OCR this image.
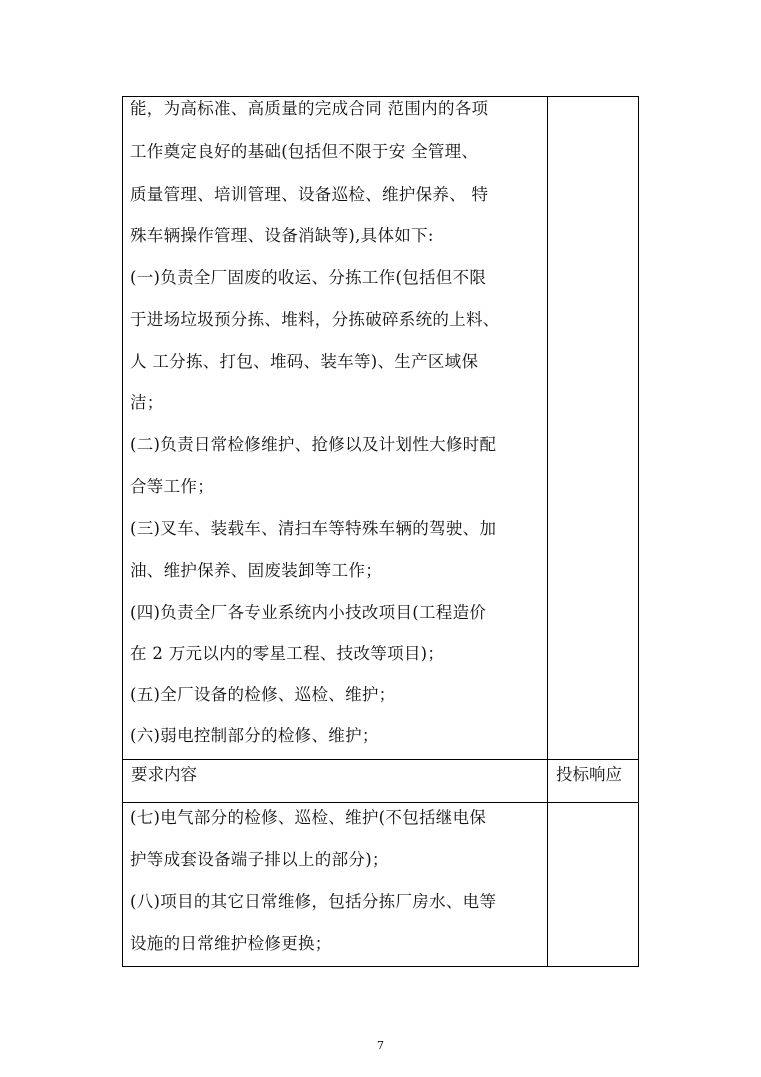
能，为高标准、高质量的完成合同 范围内的各项
工作奠定良好的基础(包括但不限于安 全管理、
质量管理、培训管理、设备巡检、维护保养、 特
殊车辆操作管理、设备消缺等),具体如下:
(一)负责全厂固废的收运、分拣工作(包括但不限
于进场垃圾预分拣、堆料，分拣破碎系统的上料、
人 工分拣、打包、堆码、装车等)、生产区域保
洁；
(二)负责日常检修维护、抢修以及计划性大修时配
合等工作；
(三)叉车、装载车、清扫车等特殊车辆的驾驶、加
油、维护保养、固废装卸等工作；
(四)负责全厂各专业系统内小技改项目(工程造价
在 2 万元以内的零星工程、技改等项目)；
(五)全厂设备的检修、巡检、维护；
(六)弱电控制部分的检修、维护；
要求内容	投标响应
(七)电气部分的检修、巡检、维护(不包括继电保
护等成套设备端子排以上的部分)；
(八)项目的其它日常维修，包括分拣厂房水、电等
设施的日常维护检修更换；
7
